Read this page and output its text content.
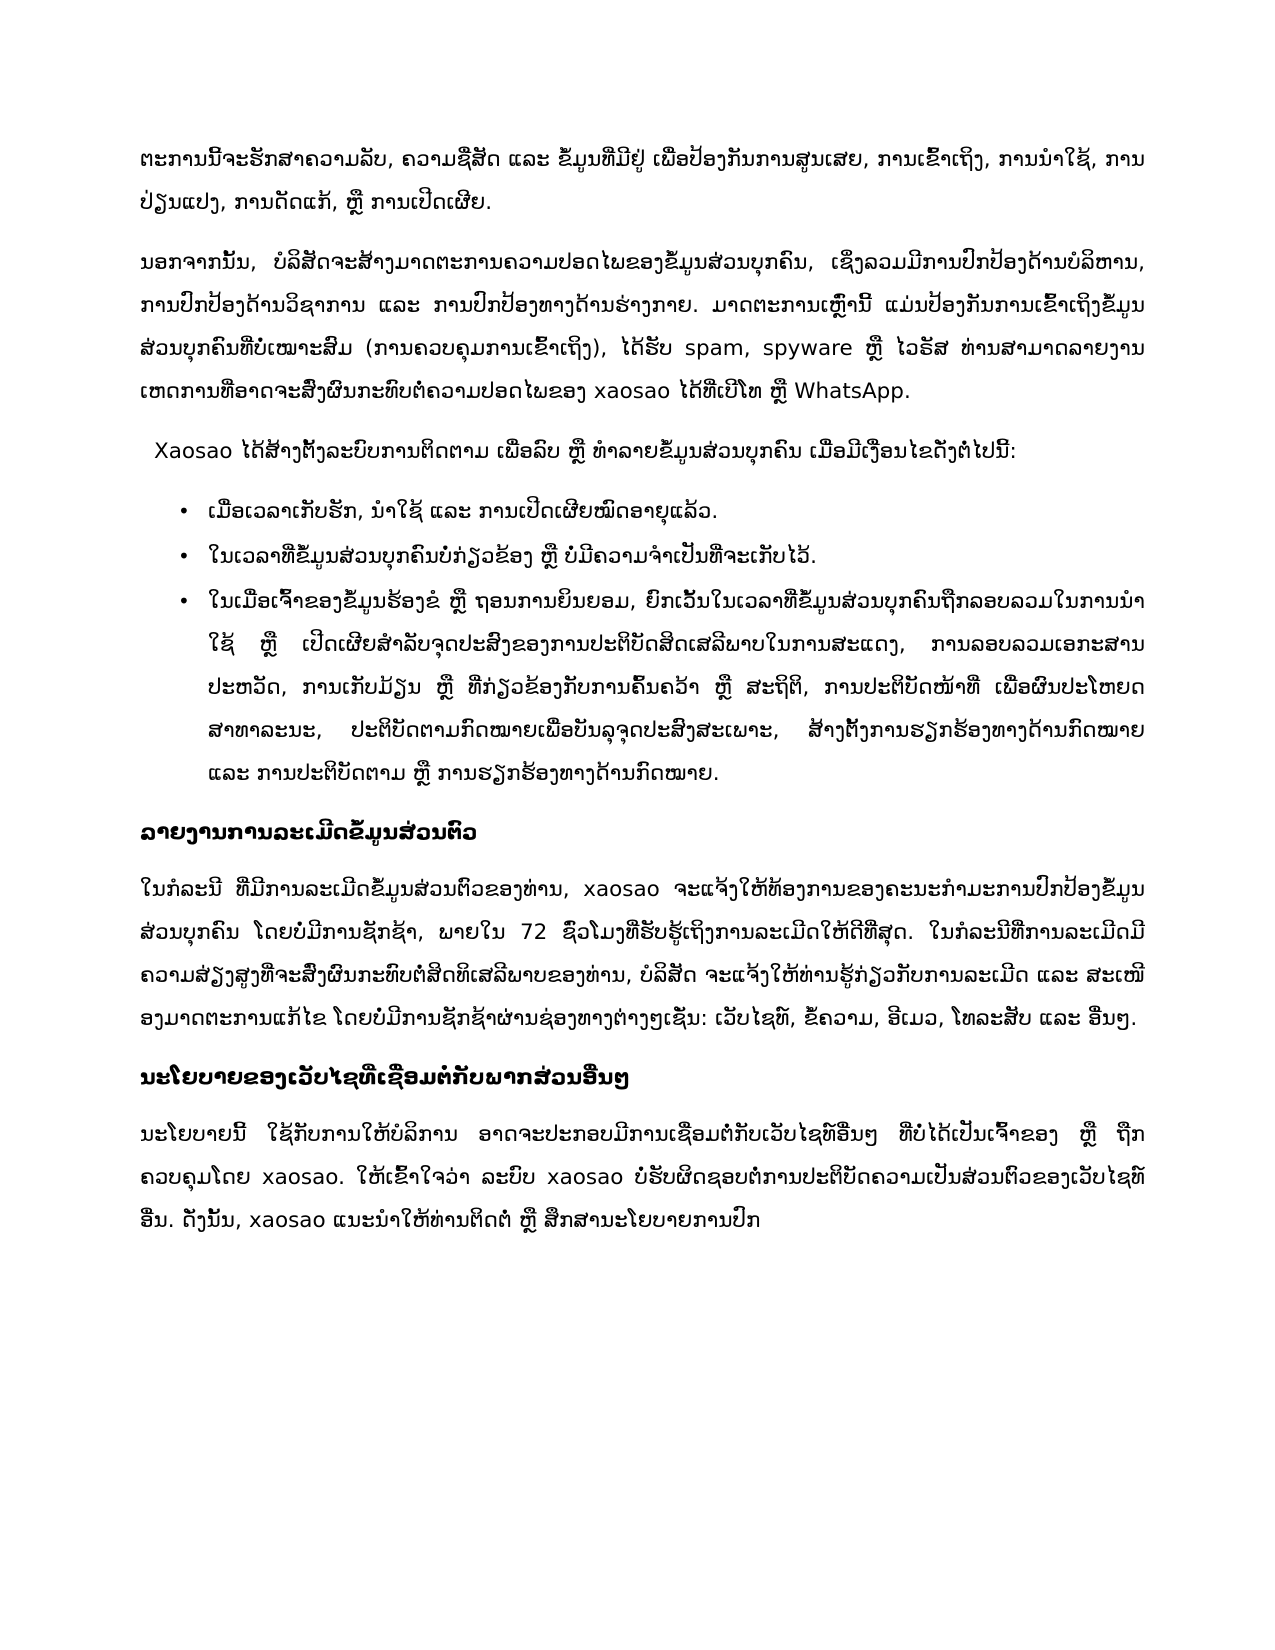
ຕະການນີ້ຈະຮັກສາຄວາມລັບ, ຄວາມຊື່ສັດ ແລະ ຂໍ້ມູນທີ່ມີຢູ່ ເພື່ອປ້ອງກັນການສູນເສຍ, ການເຂົ້າເຖິງ, ການນຳໃຊ້, ການປ່ຽນແປງ, ການດັດແກ້, ຫຼື ການເປີດເຜີຍ.

ນອກຈາກນັ້ນ, ບໍລິສັດຈະສ້າງມາດຕະການຄວາມປອດໄພຂອງຂໍ້ມູນສ່ວນບຸກຄົນ, ເຊິ່ງລວມມີການປົກປ້ອງດ້ານບໍລິຫານ, ການປົກປ້ອງດ້ານວິຊາການ ແລະ ການປົກປ້ອງທາງດ້ານຮ່າງກາຍ. ມາດຕະການເຫຼົ່ານີ້ ແມ່ນປ້ອງກັນການເຂົ້າເຖິງຂໍ້ມູນສ່ວນບຸກຄົນທີ່ບໍ່ເໝາະສົມ (ການຄວບຄຸມການເຂົ້າເຖິງ), ໄດ້ຮັບ spam, spyware ຫຼື ໄວຣັສ ທ່ານສາມາດລາຍງານເຫດການທີ່ອາດຈະສົ່ງຜົນກະທົບຕໍ່ຄວາມປອດໄພຂອງ xaosao ໄດ້ທີ່ເບີໂທ ຫຼື WhatsApp.

Xaosao ໄດ້ສ້າງຕັ້ງລະບົບການຕິດຕາມ ເພື່ອລົບ ຫຼື ທຳລາຍຂໍ້ມູນສ່ວນບຸກຄົນ ເມື່ອມີເງື່ອນໄຂດັ່ງຕໍ່ໄປນີ້:

• ເມື່ອເວລາເກັບຮັກ, ນຳໃຊ້ ແລະ ການເປີດເຜີຍໝົດອາຍຸແລ້ວ.
• ໃນເວລາທີ່ຂໍ້ມູນສ່ວນບຸກຄົນບໍ່ກ່ຽວຂ້ອງ ຫຼື ບໍ່ມີຄວາມຈຳເປັນທີ່ຈະເກັບໄວ້.
• ໃນເມື່ອເຈົ້າຂອງຂໍ້ມູນຮ້ອງຂໍ ຫຼື ຖອນການຍິນຍອມ, ຍົກເວັ້ນໃນເວລາທີ່ຂໍ້ມູນສ່ວນບຸກຄົນຖືກລອບລວມໃນການນຳໃຊ້ ຫຼື ເປີດເຜີຍສຳລັບຈຸດປະສົງຂອງການປະຕິບັດສິດເສລີພາບໃນການສະແດງ, ການລອບລວມເອກະສານປະຫວັດ, ການເກັບມ້ຽນ ຫຼື ທີ່ກ່ຽວຂ້ອງກັບການຄົ້ນຄວ້າ ຫຼື ສະຖິຕິ, ການປະຕິບັດໜ້າທີ່ ເພື່ອຜົນປະໂຫຍດສາທາລະນະ, ປະຕິບັດຕາມກົດໝາຍເພື່ອບັນລຸຈຸດປະສົງສະເພາະ, ສ້າງຕັ້ງການຮຽກຮ້ອງທາງດ້ານກົດໝາຍ ແລະ ການປະຕິບັດຕາມ ຫຼື ການຮຽກຮ້ອງທາງດ້ານກົດໝາຍ.
ລາຍງານການລະເມີດຂໍ້ມູນສ່ວນຕົວ

ໃນກໍລະນີ ທີ່ມີການລະເມີດຂໍ້ມູນສ່ວນຕົວຂອງທ່ານ, xaosao ຈະແຈ້ງໃຫ້ທ້ອງການຂອງຄະນະກຳມະການປົກປ້ອງຂໍ້ມູນສ່ວນບຸກຄົນ ໂດຍບໍ່ມີການຊັກຊ້າ, ພາຍໃນ 72 ຊົ່ວໂມງທີ່ຮັບຮູ້ເຖິງການລະເມີດໃຫ້ດີທີ່ສຸດ. ໃນກໍລະນີທີ່ການລະເມີດມີຄວາມສ່ຽງສູງທີ່ຈະສົ່ງຜົນກະທົບຕໍ່ສິດທິເສລີພາບຂອງທ່ານ, ບໍລິສັດ ຈະແຈ້ງໃຫ້ທ່ານຮູ້ກ່ຽວກັບການລະເມີດ ແລະ ສະເໜີອງມາດຕະການແກ້ໄຂ ໂດຍບໍ່ມີການຊັກຊ້າຜ່ານຊ່ອງທາງຕ່າງໆເຊັ່ນ: ເວັບໄຊທ໌, ຂໍ້ຄວາມ, ອີເມວ, ໂທລະສັບ ແລະ ອື່ນໆ.

ນະໂຍບາຍຂອງເວັບໄຊທີ່ເຊື່ອມຕໍ່ກັບພາກສ່ວນອື່ນໆ

ນະໂຍບາຍນີ້ ໃຊ້ກັບການໃຫ້ບໍລິການ ອາດຈະປະກອບມີການເຊື່ອມຕໍ່ກັບເວັບໄຊທ໌ອື່ນໆ ທີ່ບໍ່ໄດ້ເປັນເຈົ້າຂອງ ຫຼື ຖືກຄວບຄຸມໂດຍ xaosao. ໃຫ້ເຂົ້າໃຈວ່າ ລະບົບ xaosao ບໍ່ຮັບຜິດຊອບຕໍ່ການປະຕິບັດຄວາມເປັນສ່ວນຕົວຂອງເວັບໄຊທ໌ອື່ນ. ດັ່ງນັ້ນ, xaosao ແນະນຳໃຫ້ທ່ານຕິດຕໍ່ ຫຼື ສຶກສານະໂຍບາຍການປົກ
